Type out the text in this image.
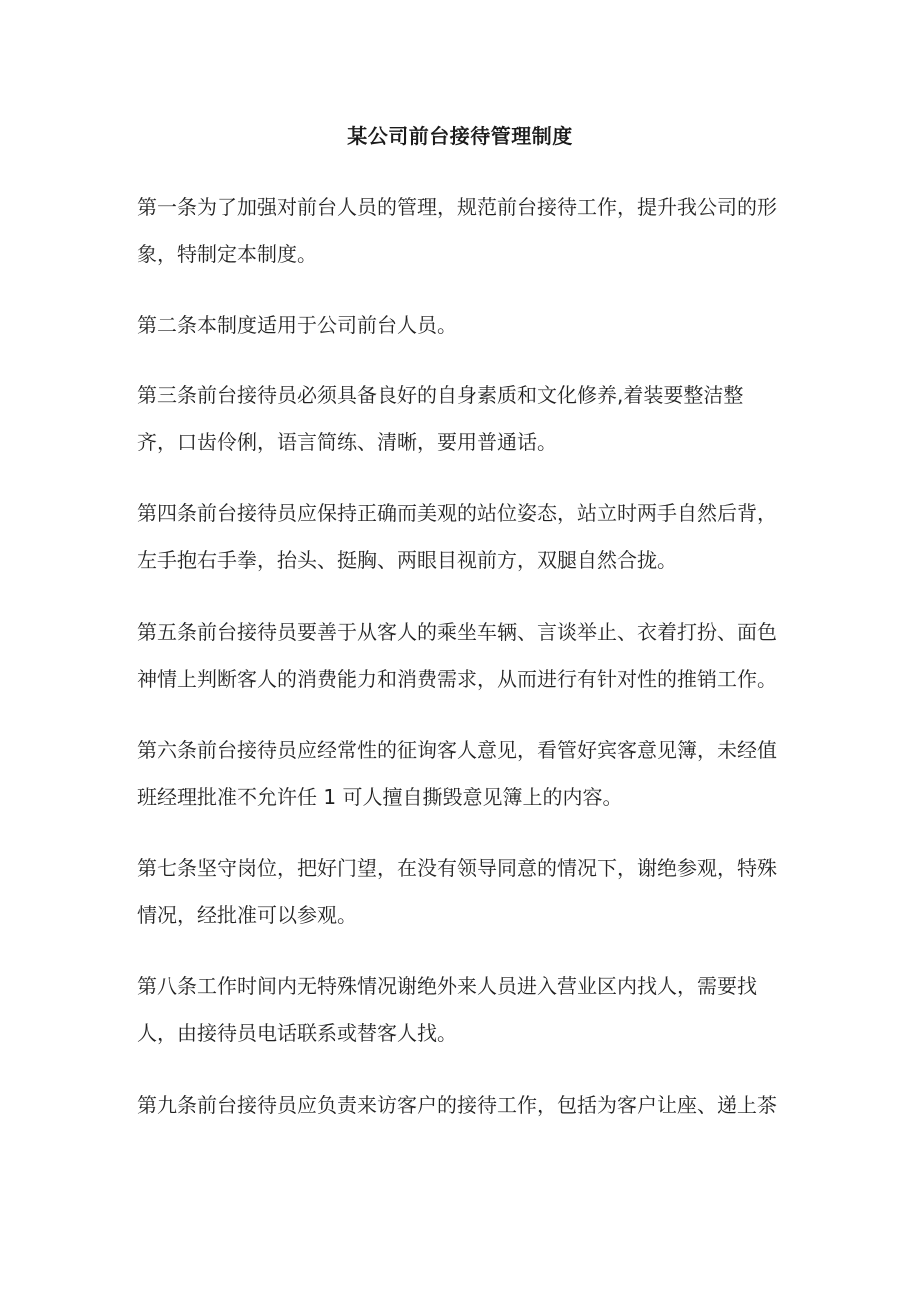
某公司前台接待管理制度
第一条为了加强对前台人员的管理，规范前台接待工作，提升我公司的形
象，特制定本制度。
第二条本制度适用于公司前台人员。
第三条前台接待员必须具备良好的自身素质和文化修养,着装要整洁整
齐，口齿伶俐，语言简练、清晰，要用普通话。
第四条前台接待员应保持正确而美观的站位姿态，站立时两手自然后背，
左手抱右手拳，抬头、挺胸、两眼目视前方，双腿自然合拢。
第五条前台接待员要善于从客人的乘坐车辆、言谈举止、衣着打扮、面色
神情上判断客人的消费能力和消费需求，从而进行有针对性的推销工作。
第六条前台接待员应经常性的征询客人意见，看管好宾客意见簿，未经值
班经理批准不允许任 1 可人擅自撕毁意见簿上的内容。
第七条坚守岗位，把好门望，在没有领导同意的情况下，谢绝参观，特殊
情况，经批准可以参观。
第八条工作时间内无特殊情况谢绝外来人员进入营业区内找人，需要找
人，由接待员电话联系或替客人找。
第九条前台接待员应负责来访客户的接待工作，包括为客户让座、递上茶
